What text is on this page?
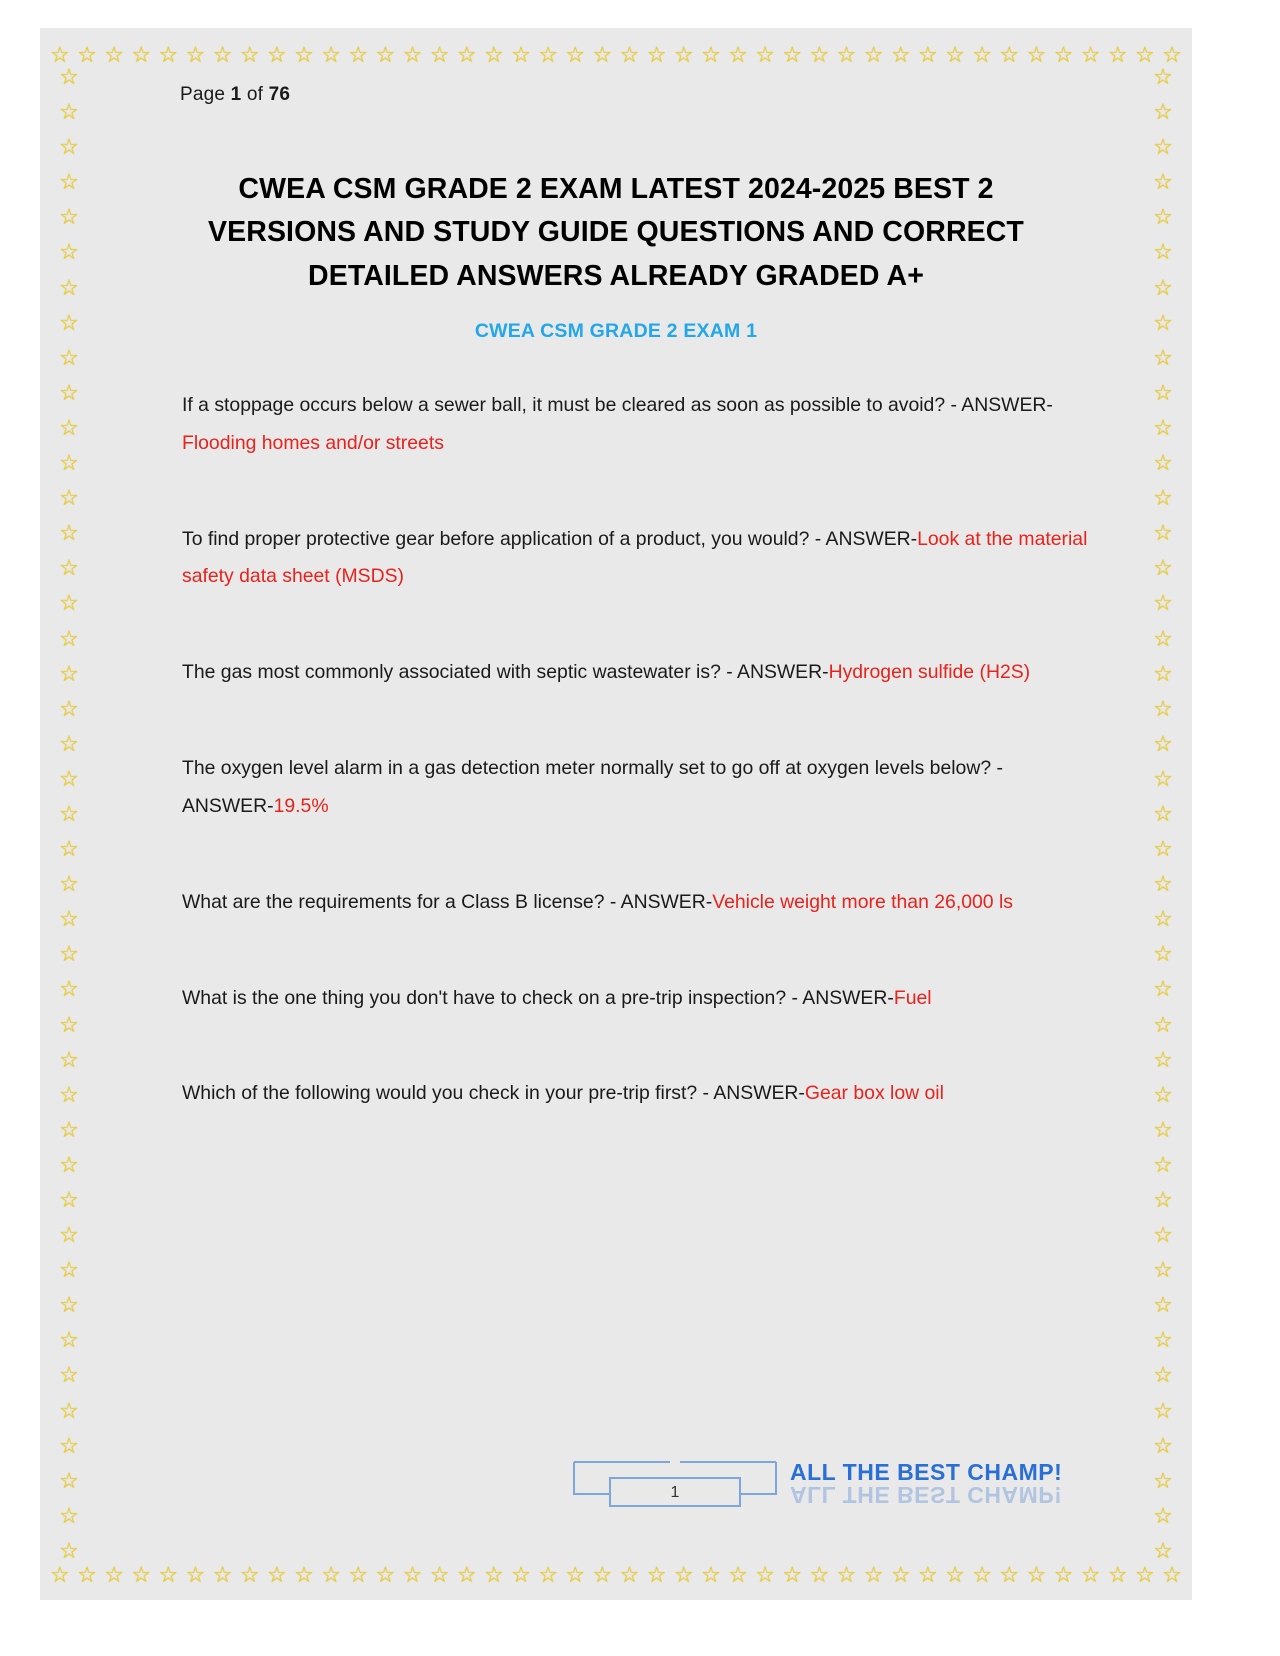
☆ ☆ ☆ ☆ ☆ ☆ ☆ ☆ ☆ ☆ ☆ ☆ ☆ ☆ ☆ ☆ ☆ ☆ ☆ ☆ ☆ ☆ ☆ ☆ ☆ ☆ ☆ ☆ ☆ ☆ ☆ ☆ ☆ ☆ ☆ ☆ ☆ ☆ ☆ ☆ ☆ ☆
☆ ☆ ☆ ☆ ☆ ☆ ☆ ☆ ☆ ☆ ☆ ☆ ☆ ☆ ☆ ☆ ☆ ☆ ☆ ☆ ☆ ☆ ☆ ☆ ☆ ☆ ☆ ☆ ☆ ☆ ☆ ☆ ☆ ☆ ☆ ☆ ☆ ☆ ☆ ☆ ☆ ☆
☆
☆
☆
☆
☆
☆
☆
☆
☆
☆
☆
☆
☆
☆
☆
☆
☆
☆
☆
☆
☆
☆
☆
☆
☆
☆
☆
☆
☆
☆
☆
☆
☆
☆
☆
☆
☆
☆
☆
☆
☆
☆
☆
☆
☆
☆
☆
☆
☆
☆
☆
☆
☆
☆
☆
☆
☆
☆
☆
☆
☆
☆
☆
☆
☆
☆
☆
☆
☆
☆
☆
☆
☆
☆
☆
☆
☆
☆
☆
☆
☆
☆
☆
☆
☆
☆
Page 1 of 76
CWEA CSM GRADE 2 EXAM LATEST 2024-2025 BEST 2 VERSIONS AND STUDY GUIDE QUESTIONS AND CORRECT DETAILED ANSWERS ALREADY GRADED A+
CWEA CSM GRADE 2 EXAM 1
If a stoppage occurs below a sewer ball, it must be cleared as soon as possible to avoid? - ANSWER-Flooding homes and/or streets
To find proper protective gear before application of a product, you would? - ANSWER-Look at the material safety data sheet (MSDS)
The gas most commonly associated with septic wastewater is? - ANSWER-Hydrogen sulfide (H2S)
The oxygen level alarm in a gas detection meter normally set to go off at oxygen levels below? - ANSWER-19.5%
What are the requirements for a Class B license? - ANSWER-Vehicle weight more than 26,000 ls
What is the one thing you don't have to check on a pre-trip inspection? - ANSWER-Fuel
Which of the following would you check in your pre-trip first? - ANSWER-Gear box low oil
1
ALL THE BEST CHAMP!
ALL THE BEST CHAMP!
